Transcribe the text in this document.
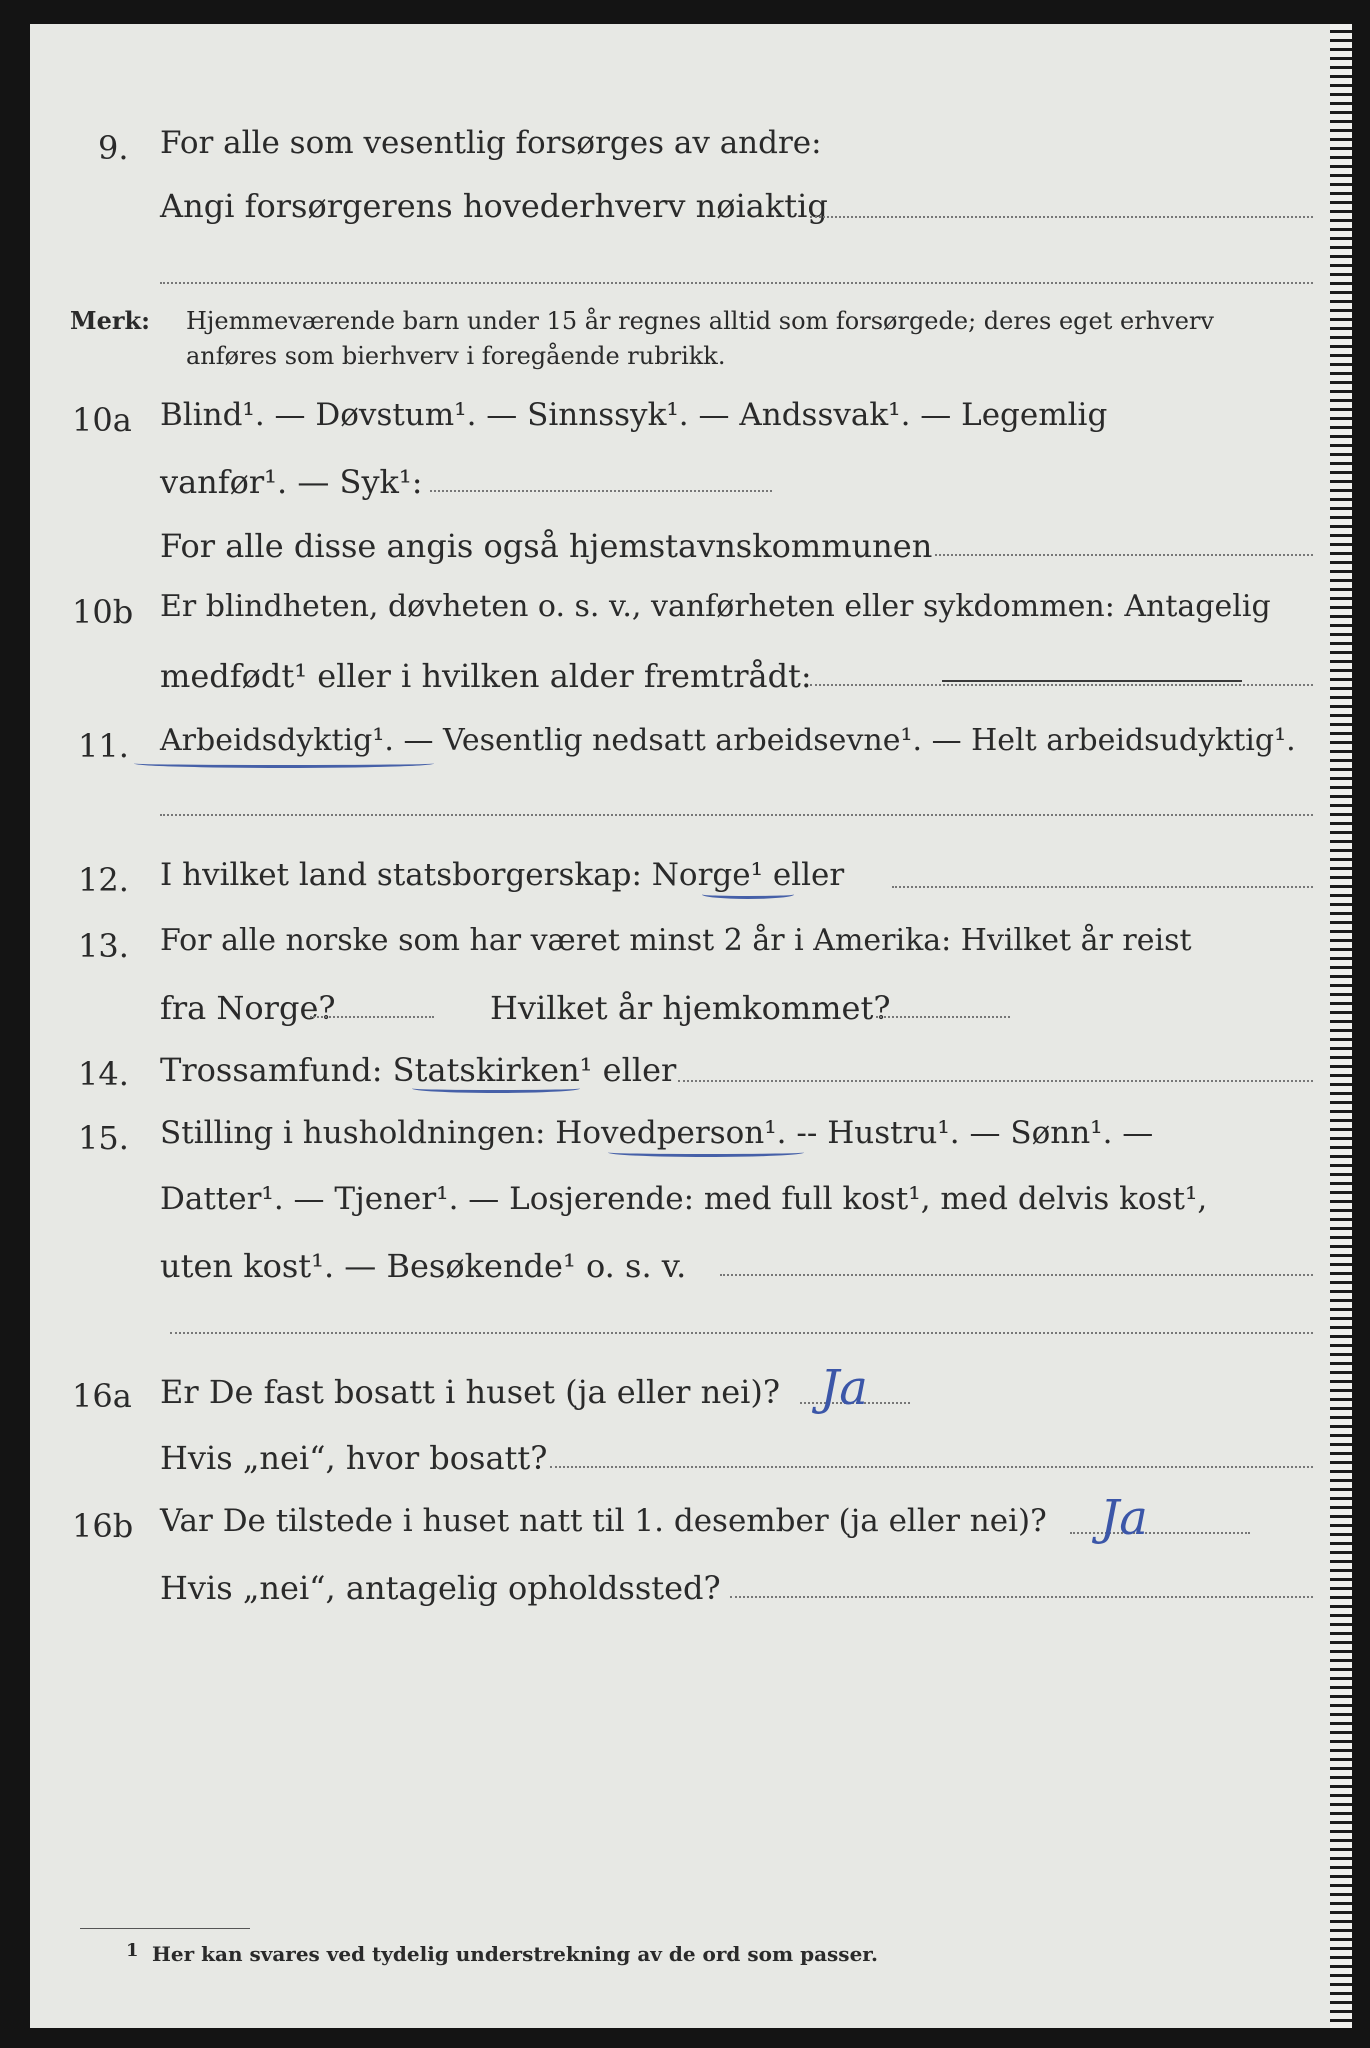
9. For alle som vesentlig forsørges av andre:
Angi forsørgerens hovederhverv nøiaktig
Merk: Hjemmeværende barn under 15 år regnes alltid som forsørgede; deres eget erhverv
anføres som bierhverv i foregående rubrikk.
10a Blind¹. — Døvstum¹. — Sinnssyk¹. — Andssvak¹. — Legemlig
vanfør¹. — Syk¹:
For alle disse angis også hjemstavnskommunen
10b Er blindheten, døvheten o. s. v., vanførheten eller sykdommen: Antagelig
medfødt¹ eller i hvilken alder fremtrådt:
11. Arbeidsdyktig¹. — Vesentlig nedsatt arbeidsevne¹. — Helt arbeidsudyktig¹.
12. I hvilket land statsborgerskap: Norge¹ eller
13. For alle norske som har været minst 2 år i Amerika: Hvilket år reist
fra Norge?	Hvilket år hjemkommet?
14. Trossamfund: Statskirken¹ eller
15. Stilling i husholdningen: Hovedperson¹. -- Hustru¹. — Sønn¹. —
Datter¹. — Tjener¹. — Losjerende: med full kost¹, med delvis kost¹,
uten kost¹. — Besøkende¹ o. s. v.
16a Er De fast bosatt i huset (ja eller nei)? Ja
Hvis „nei“, hvor bosatt?
16b Var De tilstede i huset natt til 1. desember (ja eller nei)? Ja
Hvis „nei“, antagelig opholdssted?
1 Her kan svares ved tydelig understrekning av de ord som passer.
